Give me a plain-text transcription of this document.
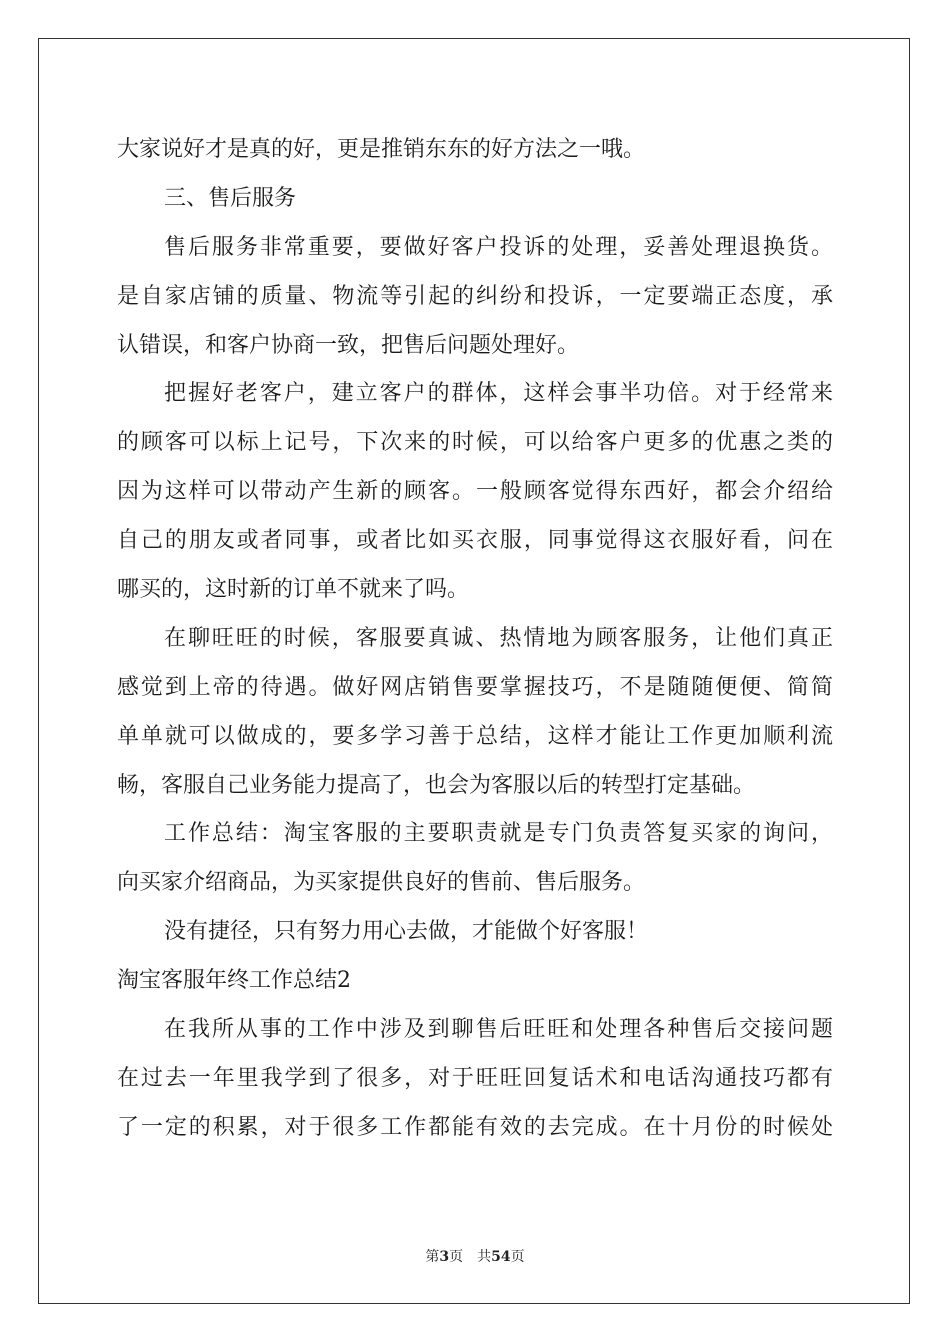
大家说好才是真的好，更是推销东东的好方法之一哦。
三、售后服务
售后服务非常重要，要做好客户投诉的处理，妥善处理退换货。
是自家店铺的质量、物流等引起的纠纷和投诉，一定要端正态度，承
认错误，和客户协商一致，把售后问题处理好。
把握好老客户，建立客户的群体，这样会事半功倍。对于经常来
的顾客可以标上记号，下次来的时候，可以给客户更多的优惠之类的
因为这样可以带动产生新的顾客。一般顾客觉得东西好，都会介绍给
自己的朋友或者同事，或者比如买衣服，同事觉得这衣服好看，问在
哪买的，这时新的订单不就来了吗。
在聊旺旺的时候，客服要真诚、热情地为顾客服务，让他们真正
感觉到上帝的待遇。做好网店销售要掌握技巧，不是随随便便、简简
单单就可以做成的，要多学习善于总结，这样才能让工作更加顺利流
畅，客服自己业务能力提高了，也会为客服以后的转型打定基础。
工作总结：淘宝客服的主要职责就是专门负责答复买家的询问，
向买家介绍商品，为买家提供良好的售前、售后服务。
没有捷径，只有努力用心去做，才能做个好客服！
淘宝客服年终工作总结2
在我所从事的工作中涉及到聊售后旺旺和处理各种售后交接问题
在过去一年里我学到了很多，对于旺旺回复话术和电话沟通技巧都有
了一定的积累，对于很多工作都能有效的去完成。在十月份的时候处
第3页 共54页
